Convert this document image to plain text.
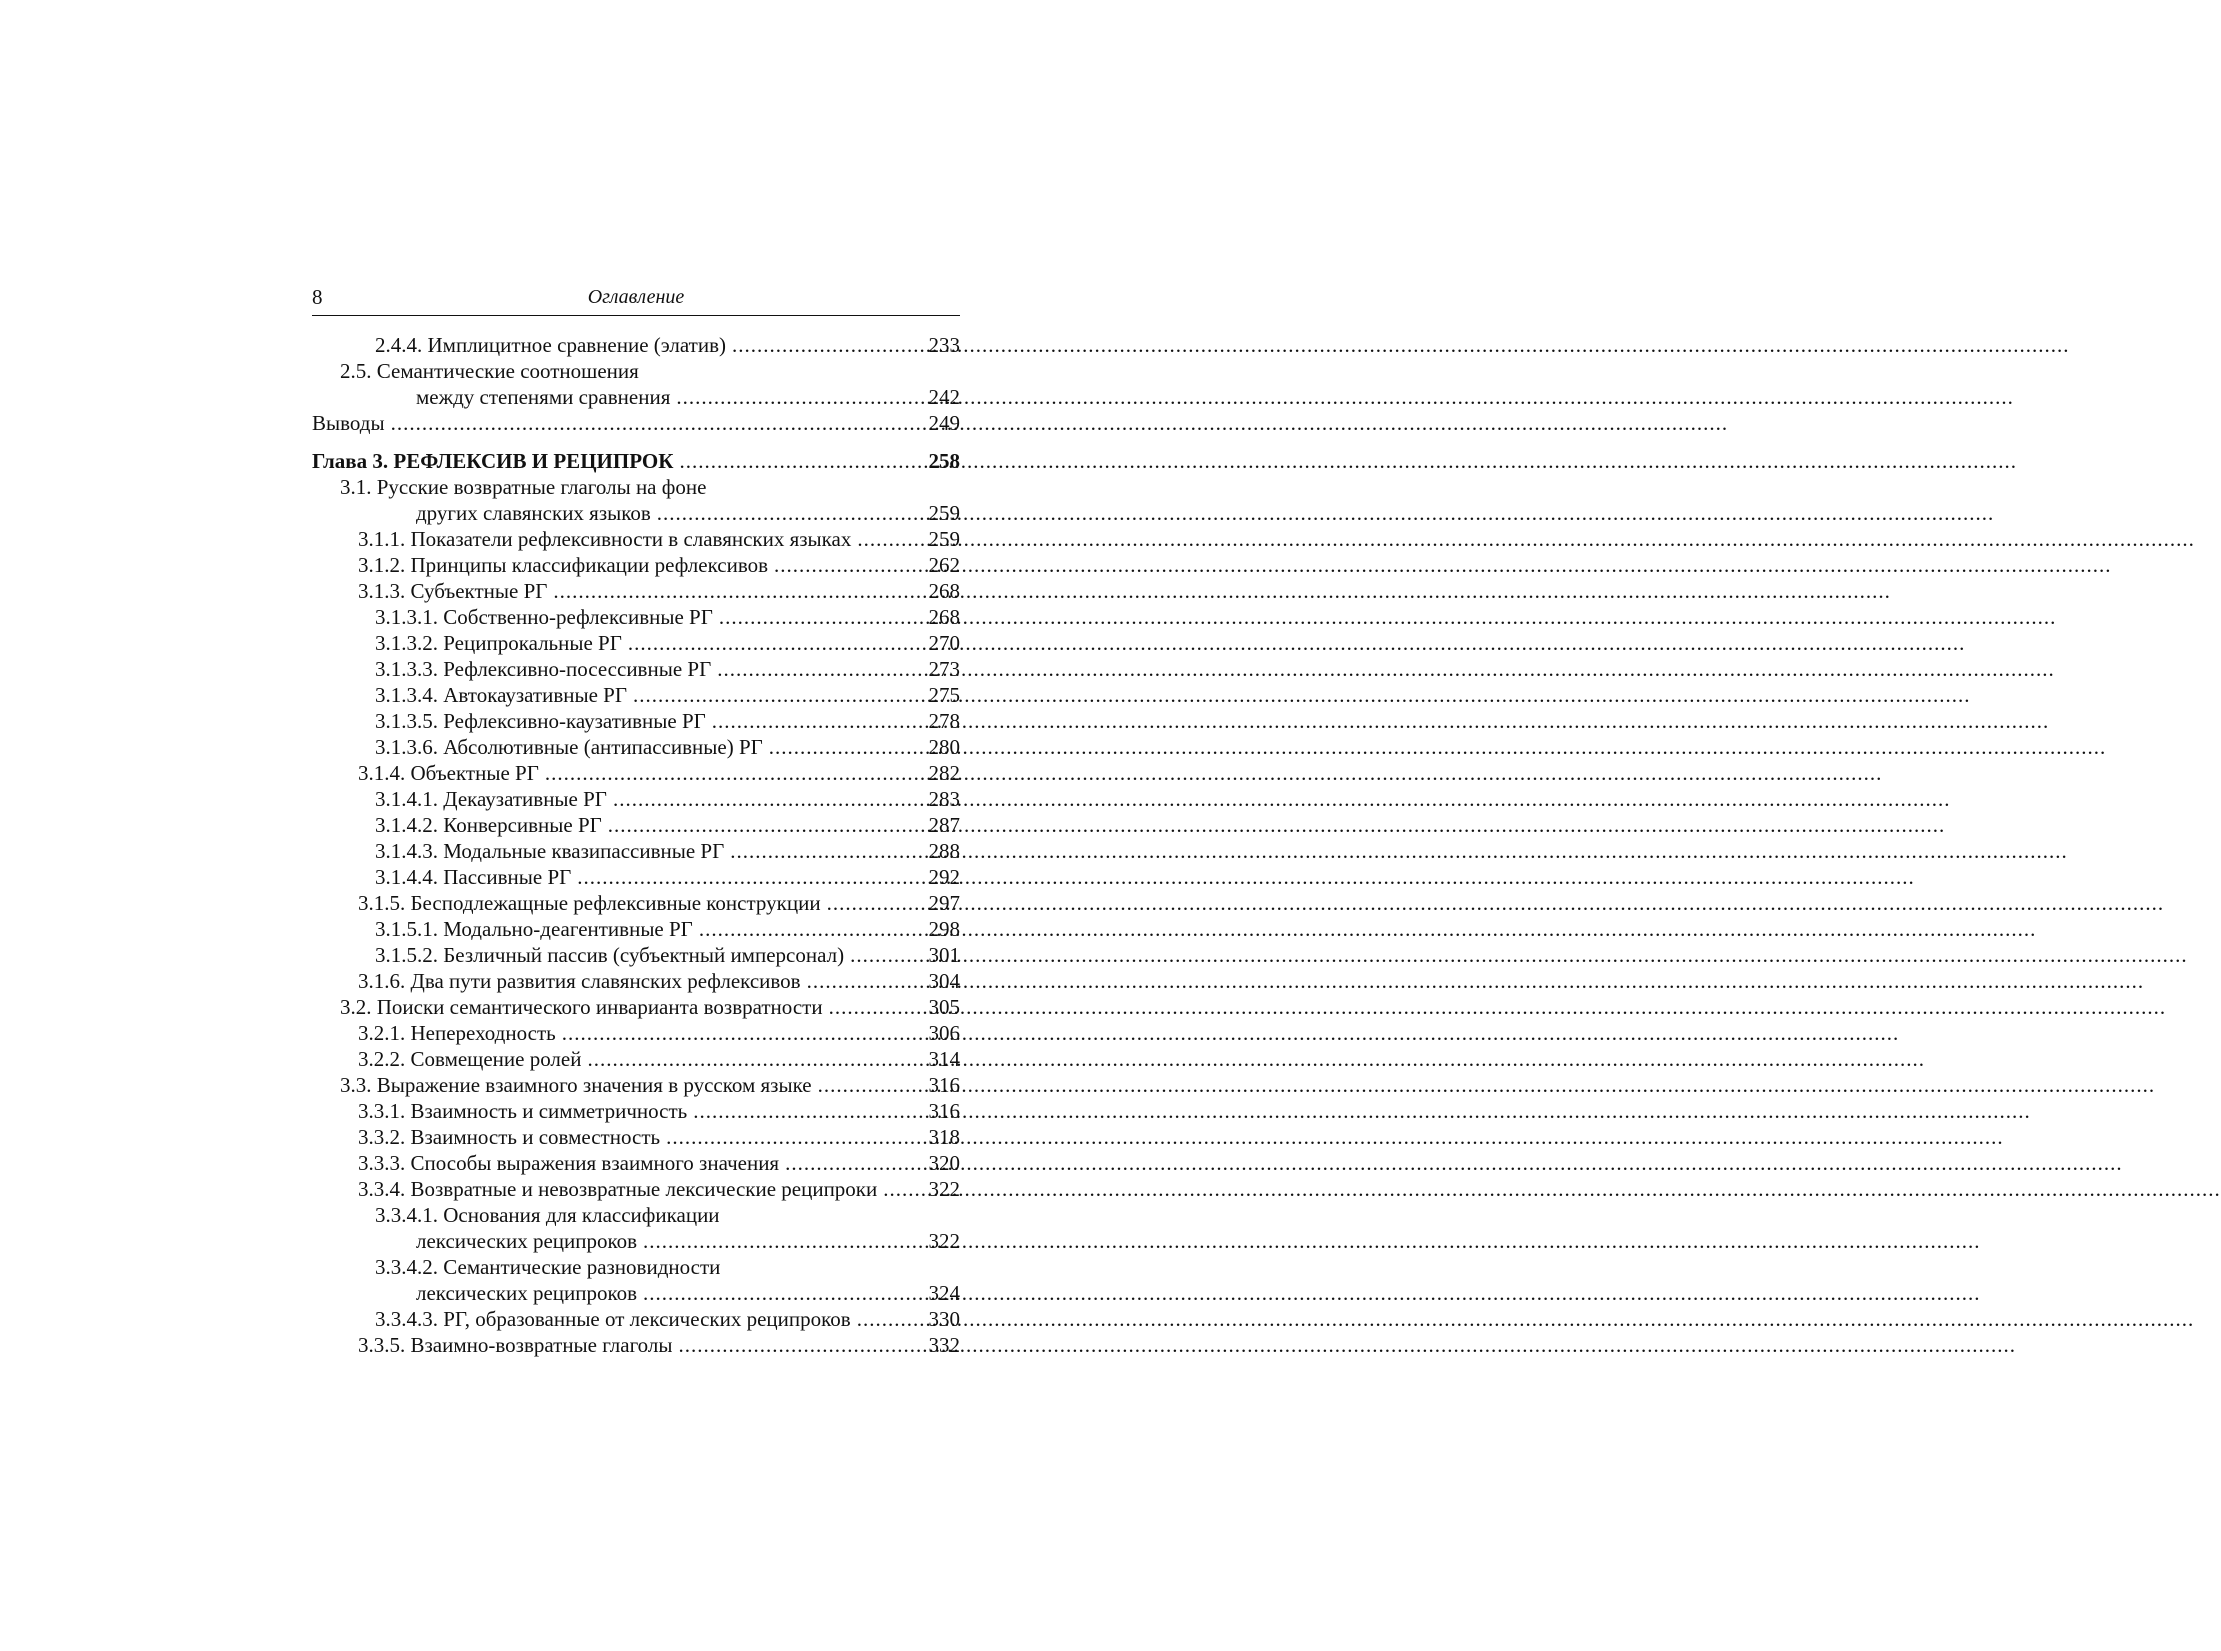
8	Оглавление
2.4.4. Имплицитное сравнение (элатив) .....	233
2.5. Семантические соотношения
между степенями сравнения .....	242
Выводы .....	249
Глава 3. РЕФЛЕКСИВ И РЕЦИПРОК .....	258
3.1. Русские возвратные глаголы на фоне
других славянских языков .....	259
3.1.1. Показатели рефлексивности в славянских языках .....	259
3.1.2. Принципы классификации рефлексивов .....	262
3.1.3. Субъектные РГ .....	268
3.1.3.1. Собственно-рефлексивные РГ .....	268
3.1.3.2. Реципрокальные РГ .....	270
3.1.3.3. Рефлексивно-посессивные РГ .....	273
3.1.3.4. Автокаузативные РГ .....	275
3.1.3.5. Рефлексивно-каузативные РГ .....	278
3.1.3.6. Абсолютивные (антипассивные) РГ .....	280
3.1.4. Объектные РГ .....	282
3.1.4.1. Декаузативные РГ .....	283
3.1.4.2. Конверсивные РГ .....	287
3.1.4.3. Модальные квазипассивные РГ .....	288
3.1.4.4. Пассивные РГ .....	292
3.1.5. Бесподлежащные рефлексивные конструкции .....	297
3.1.5.1. Модально-деагентивные РГ .....	298
3.1.5.2. Безличный пассив (субъектный имперсонал) .....	301
3.1.6. Два пути развития славянских рефлексивов .....	304
3.2. Поиски семантического инварианта возвратности .....	305
3.2.1. Непереходность .....	306
3.2.2. Совмещение ролей .....	314
3.3. Выражение взаимного значения в русском языке .....	316
3.3.1. Взаимность и симметричность .....	316
3.3.2. Взаимность и совместность .....	318
3.3.3. Способы выражения взаимного значения .....	320
3.3.4. Возвратные и невозвратные лексические реципроки ..... 322
3.3.4.1. Основания для классификации
лексических реципроков .....	322
3.3.4.2. Семантические разновидности
лексических реципроков .....	324
3.3.4.3. РГ, образованные от лексических реципроков .....	330
3.3.5. Взаимно-возвратные глаголы .....	332
